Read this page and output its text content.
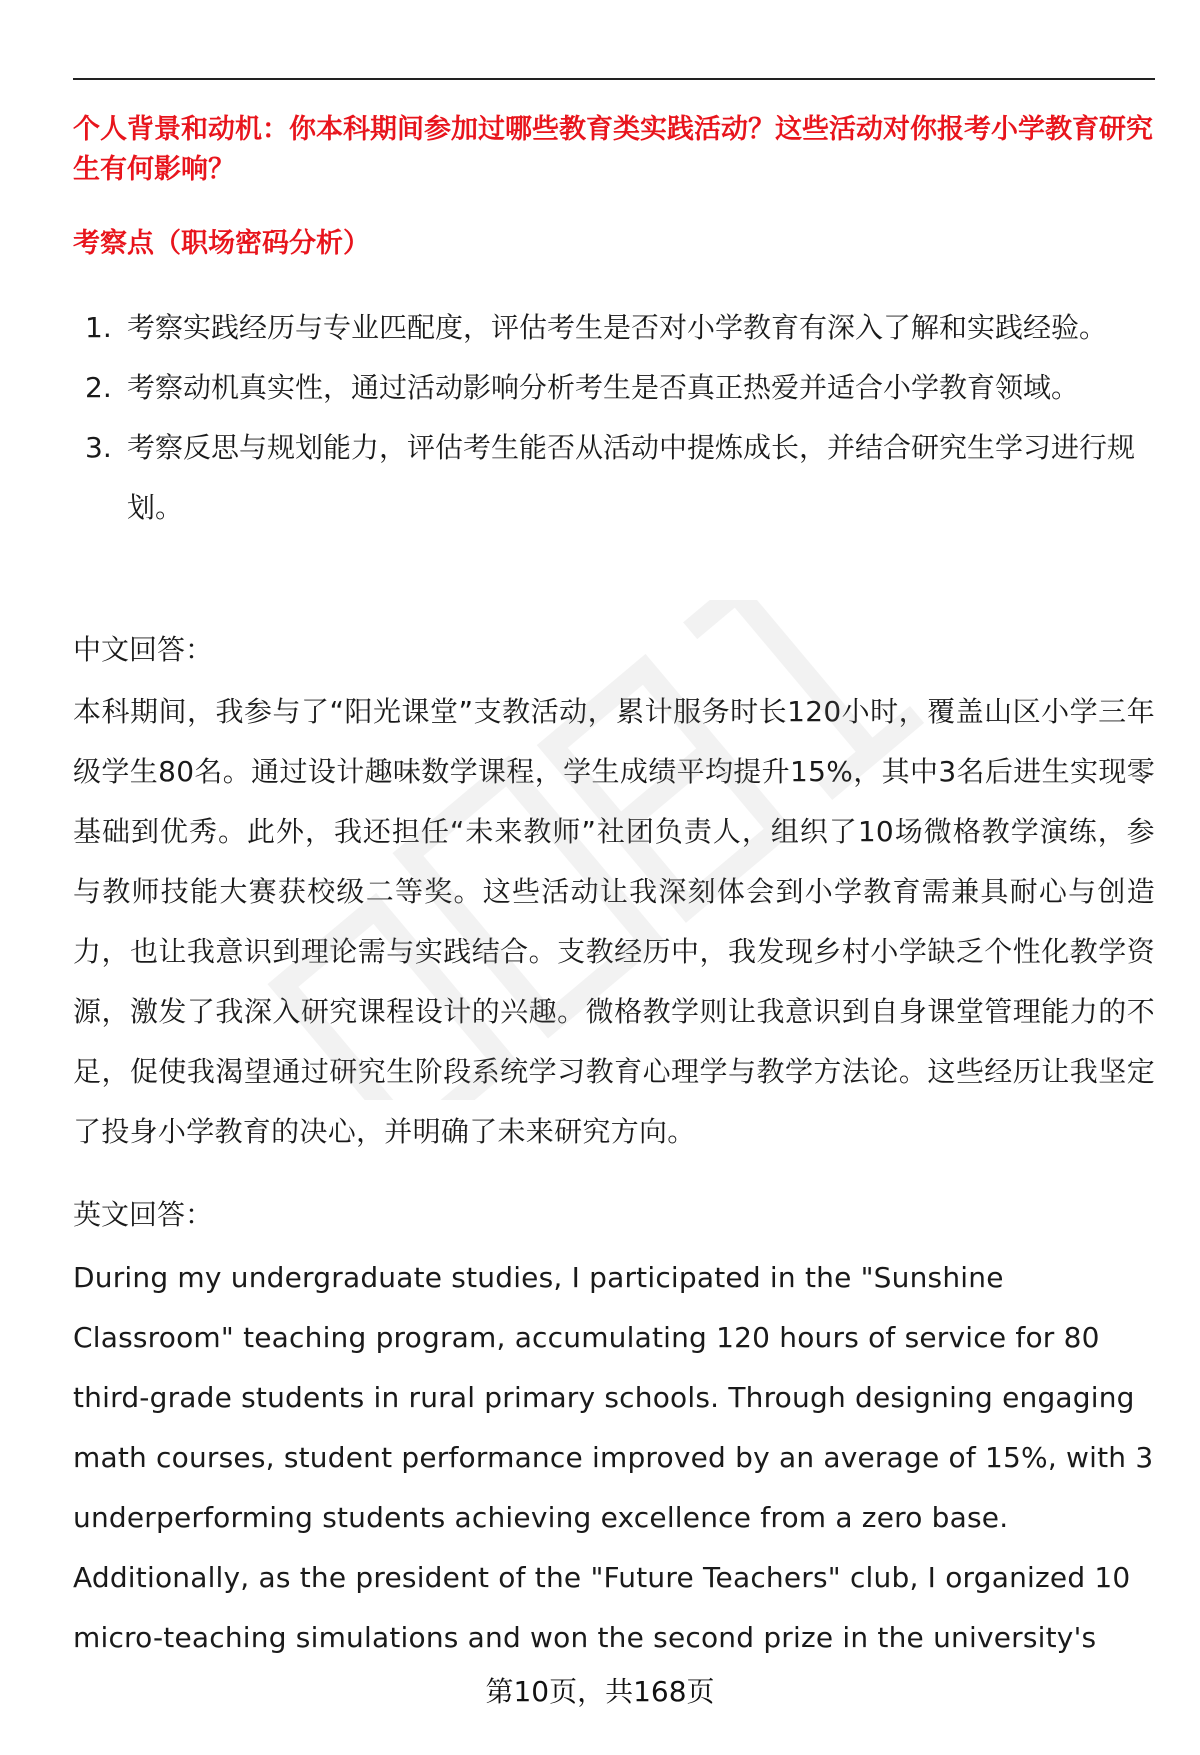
个人背景和动机：你本科期间参加过哪些教育类实践活动？这些活动对你报考小学教育研究生有何影响？
考察点（职场密码分析）
1. 考察实践经历与专业匹配度，评估考生是否对小学教育有深入了解和实践经验。
2. 考察动机真实性，通过活动影响分析考生是否真正热爱并适合小学教育领域。
3. 考察反思与规划能力，评估考生能否从活动中提炼成长，并结合研究生学习进行规划。
中文回答：
本科期间，我参与了“阳光课堂”支教活动，累计服务时长120小时，覆盖山区小学三年级学生80名。通过设计趣味数学课程，学生成绩平均提升15%，其中3名后进生实现零基础到优秀。此外，我还担任“未来教师”社团负责人，组织了10场微格教学演练，参与教师技能大赛获校级二等奖。这些活动让我深刻体会到小学教育需兼具耐心与创造力，也让我意识到理论需与实践结合。支教经历中，我发现乡村小学缺乏个性化教学资源，激发了我深入研究课程设计的兴趣。微格教学则让我意识到自身课堂管理能力的不足，促使我渴望通过研究生阶段系统学习教育心理学与教学方法论。这些经历让我坚定了投身小学教育的决心，并明确了未来研究方向。
英文回答：
During my undergraduate studies, I participated in the "Sunshine Classroom" teaching program, accumulating 120 hours of service for 80 third-grade students in rural primary schools. Through designing engaging math courses, student performance improved by an average of 15%, with 3 underperforming students achieving excellence from a zero base. Additionally, as the president of the "Future Teachers" club, I organized 10 micro-teaching simulations and won the second prize in the university's
第10页，共168页
